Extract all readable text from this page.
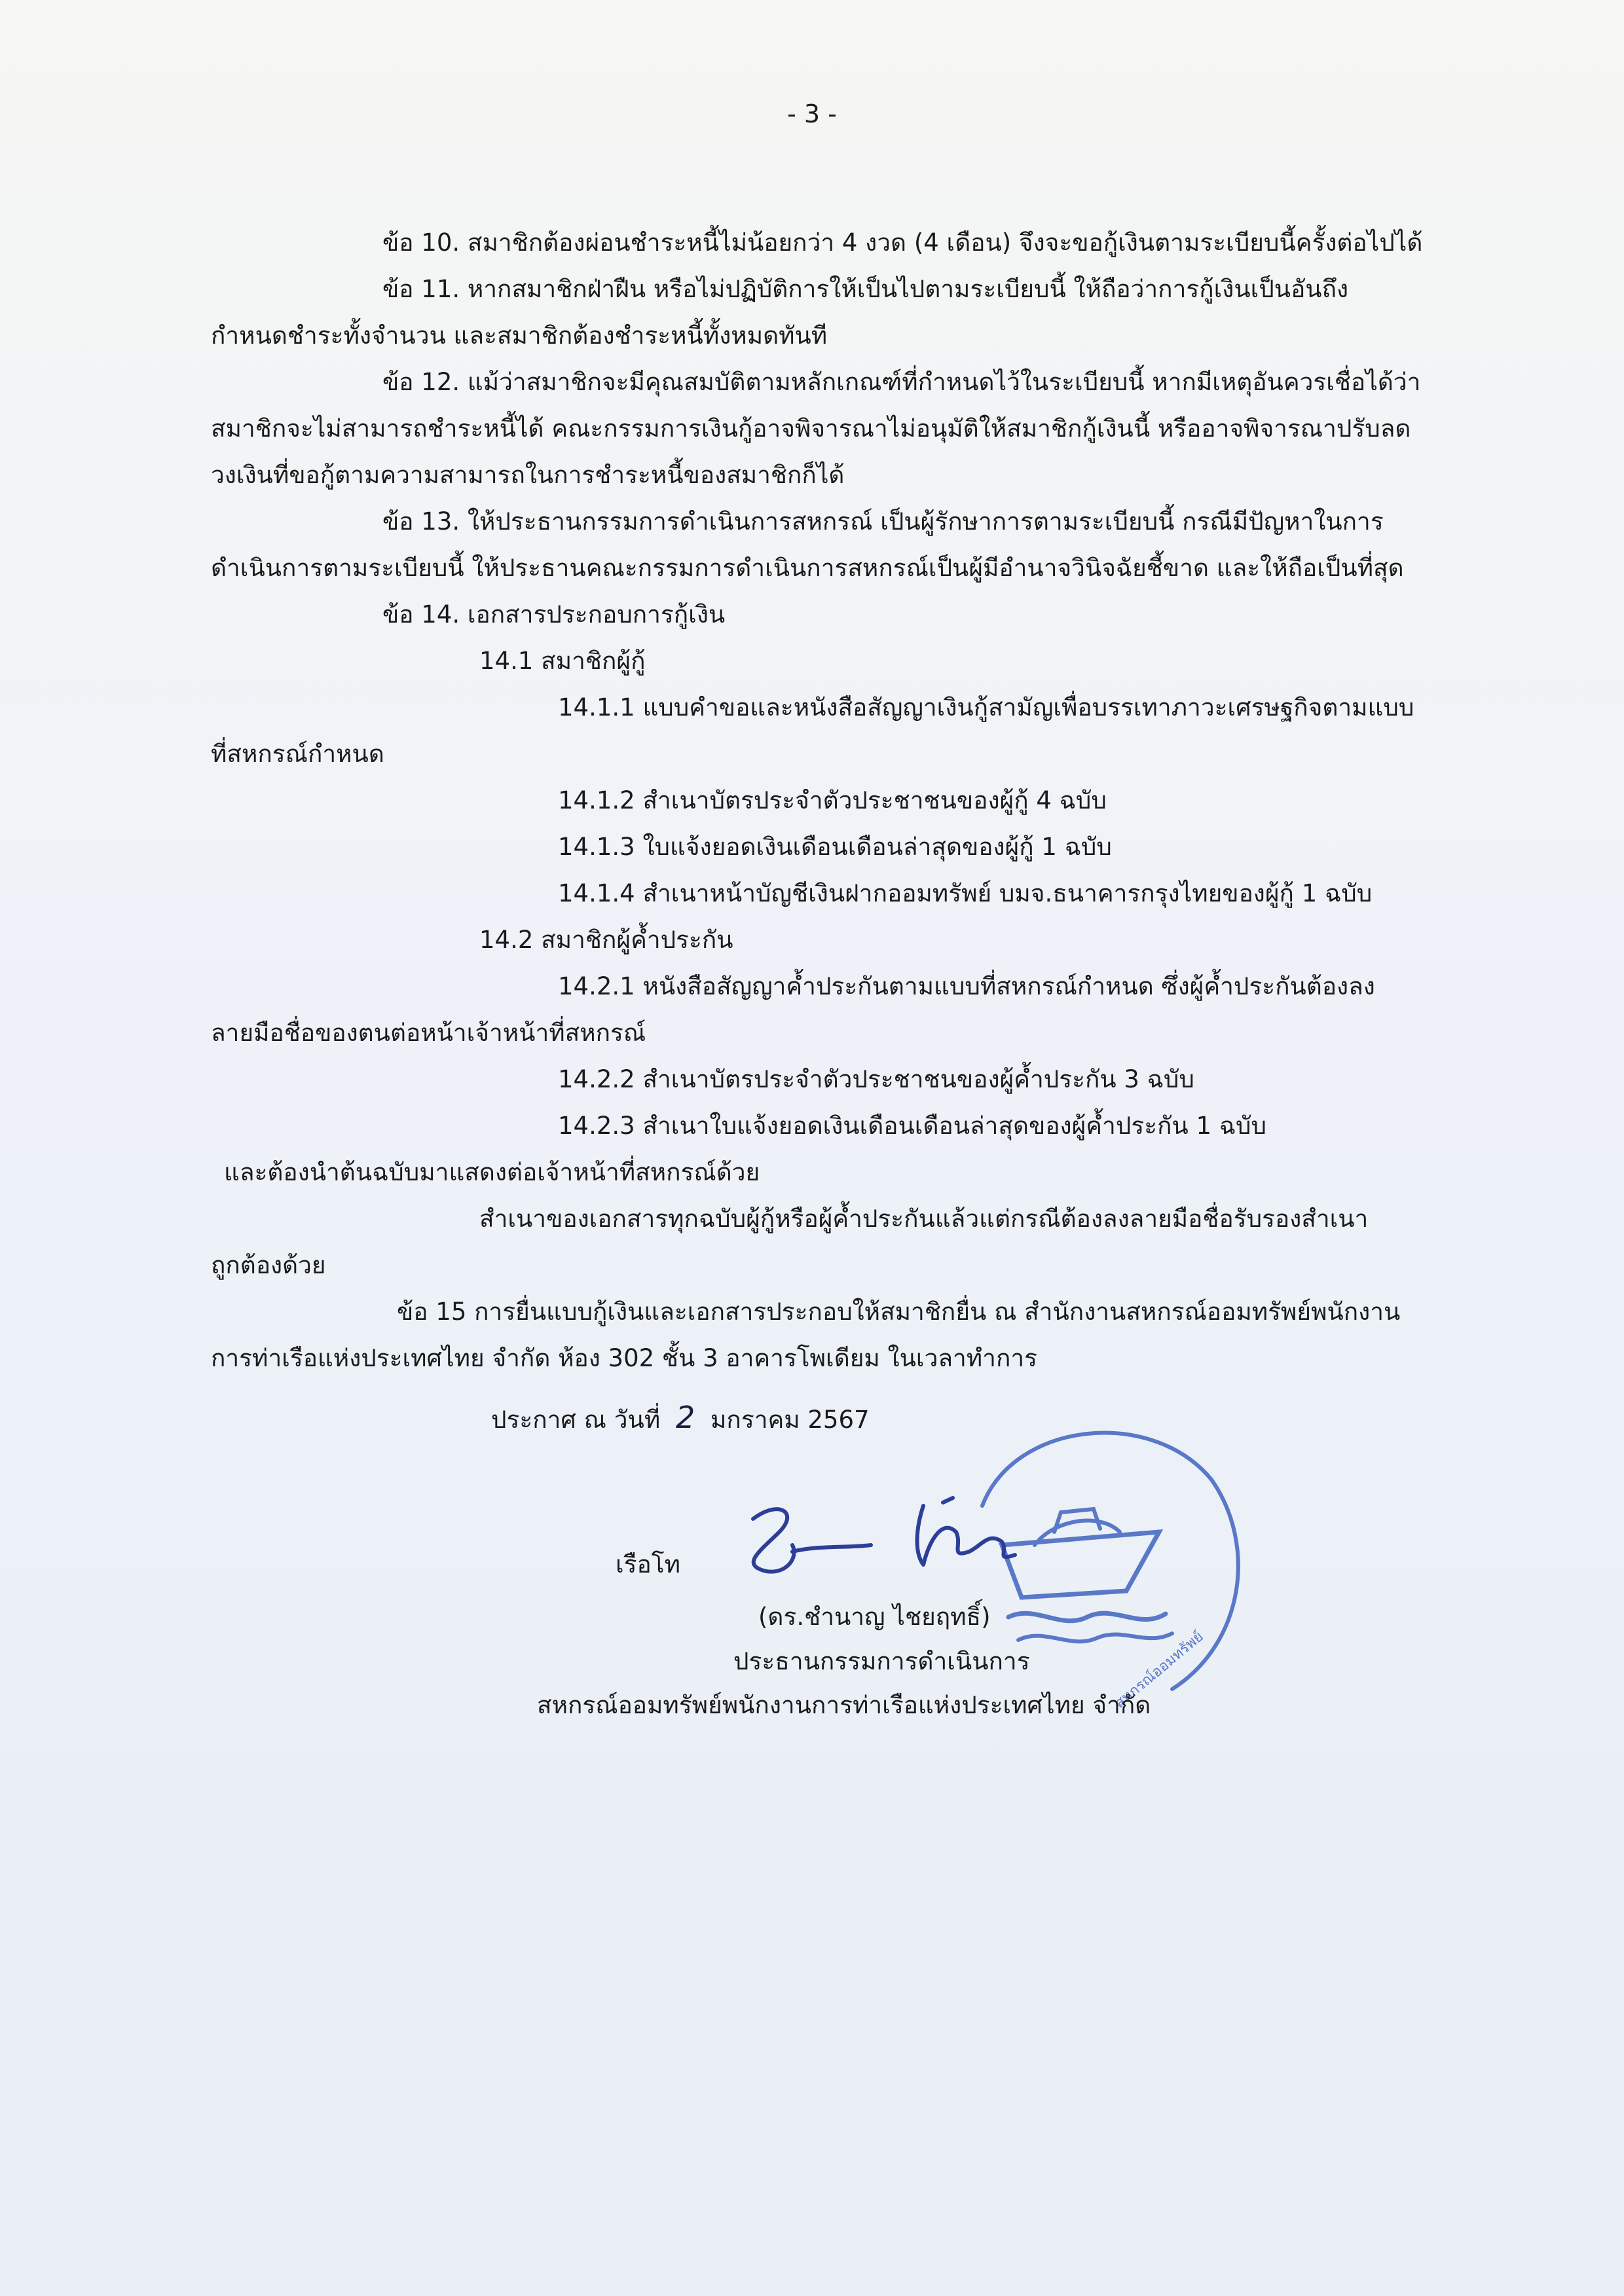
- 3 -

ข้อ 10. สมาชิกต้องผ่อนชำระหนี้ไม่น้อยกว่า 4 งวด (4 เดือน) จึงจะขอกู้เงินตามระเบียบนี้ครั้งต่อไปได้

ข้อ 11. หากสมาชิกฝ่าฝืน หรือไม่ปฏิบัติการให้เป็นไปตามระเบียบนี้ ให้ถือว่าการกู้เงินเป็นอันถึง

กำหนดชำระทั้งจำนวน และสมาชิกต้องชำระหนี้ทั้งหมดทันที

ข้อ 12. แม้ว่าสมาชิกจะมีคุณสมบัติตามหลักเกณฑ์ที่กำหนดไว้ในระเบียบนี้ หากมีเหตุอันควรเชื่อได้ว่า

สมาชิกจะไม่สามารถชำระหนี้ได้ คณะกรรมการเงินกู้อาจพิจารณาไม่อนุมัติให้สมาชิกกู้เงินนี้ หรืออาจพิจารณาปรับลด

วงเงินที่ขอกู้ตามความสามารถในการชำระหนี้ของสมาชิกก็ได้

ข้อ 13. ให้ประธานกรรมการดำเนินการสหกรณ์ เป็นผู้รักษาการตามระเบียบนี้ กรณีมีปัญหาในการ

ดำเนินการตามระเบียบนี้ ให้ประธานคณะกรรมการดำเนินการสหกรณ์เป็นผู้มีอำนาจวินิจฉัยชี้ขาด และให้ถือเป็นที่สุด

ข้อ 14. เอกสารประกอบการกู้เงิน

14.1 สมาชิกผู้กู้

14.1.1 แบบคำขอและหนังสือสัญญาเงินกู้สามัญเพื่อบรรเทาภาวะเศรษฐกิจตามแบบ

ที่สหกรณ์กำหนด

14.1.2 สำเนาบัตรประจำตัวประชาชนของผู้กู้ 4 ฉบับ

14.1.3 ใบแจ้งยอดเงินเดือนเดือนล่าสุดของผู้กู้ 1 ฉบับ

14.1.4 สำเนาหน้าบัญชีเงินฝากออมทรัพย์ บมจ.ธนาคารกรุงไทยของผู้กู้ 1 ฉบับ

14.2 สมาชิกผู้ค้ำประกัน

14.2.1 หนังสือสัญญาค้ำประกันตามแบบที่สหกรณ์กำหนด ซึ่งผู้ค้ำประกันต้องลง

ลายมือชื่อของตนต่อหน้าเจ้าหน้าที่สหกรณ์

14.2.2 สำเนาบัตรประจำตัวประชาชนของผู้ค้ำประกัน 3 ฉบับ

14.2.3 สำเนาใบแจ้งยอดเงินเดือนเดือนล่าสุดของผู้ค้ำประกัน 1 ฉบับ

และต้องนำต้นฉบับมาแสดงต่อเจ้าหน้าที่สหกรณ์ด้วย

สำเนาของเอกสารทุกฉบับผู้กู้หรือผู้ค้ำประกันแล้วแต่กรณีต้องลงลายมือชื่อรับรองสำเนา

ถูกต้องด้วย

ข้อ 15 การยื่นแบบกู้เงินและเอกสารประกอบให้สมาชิกยื่น ณ สำนักงานสหกรณ์ออมทรัพย์พนักงาน

การท่าเรือแห่งประเทศไทย จำกัด ห้อง 302 ชั้น 3 อาคารโพเดียม ในเวลาทำการ

ประกาศ ณ วันที่ 2 มกราคม 2567
สหกรณ์ออมทรัพย์
เรือโท
(ดร.ชำนาญ ไชยฤทธิ์)
ประธานกรรมการดำเนินการ
สหกรณ์ออมทรัพย์พนักงานการท่าเรือแห่งประเทศไทย จำกัด
